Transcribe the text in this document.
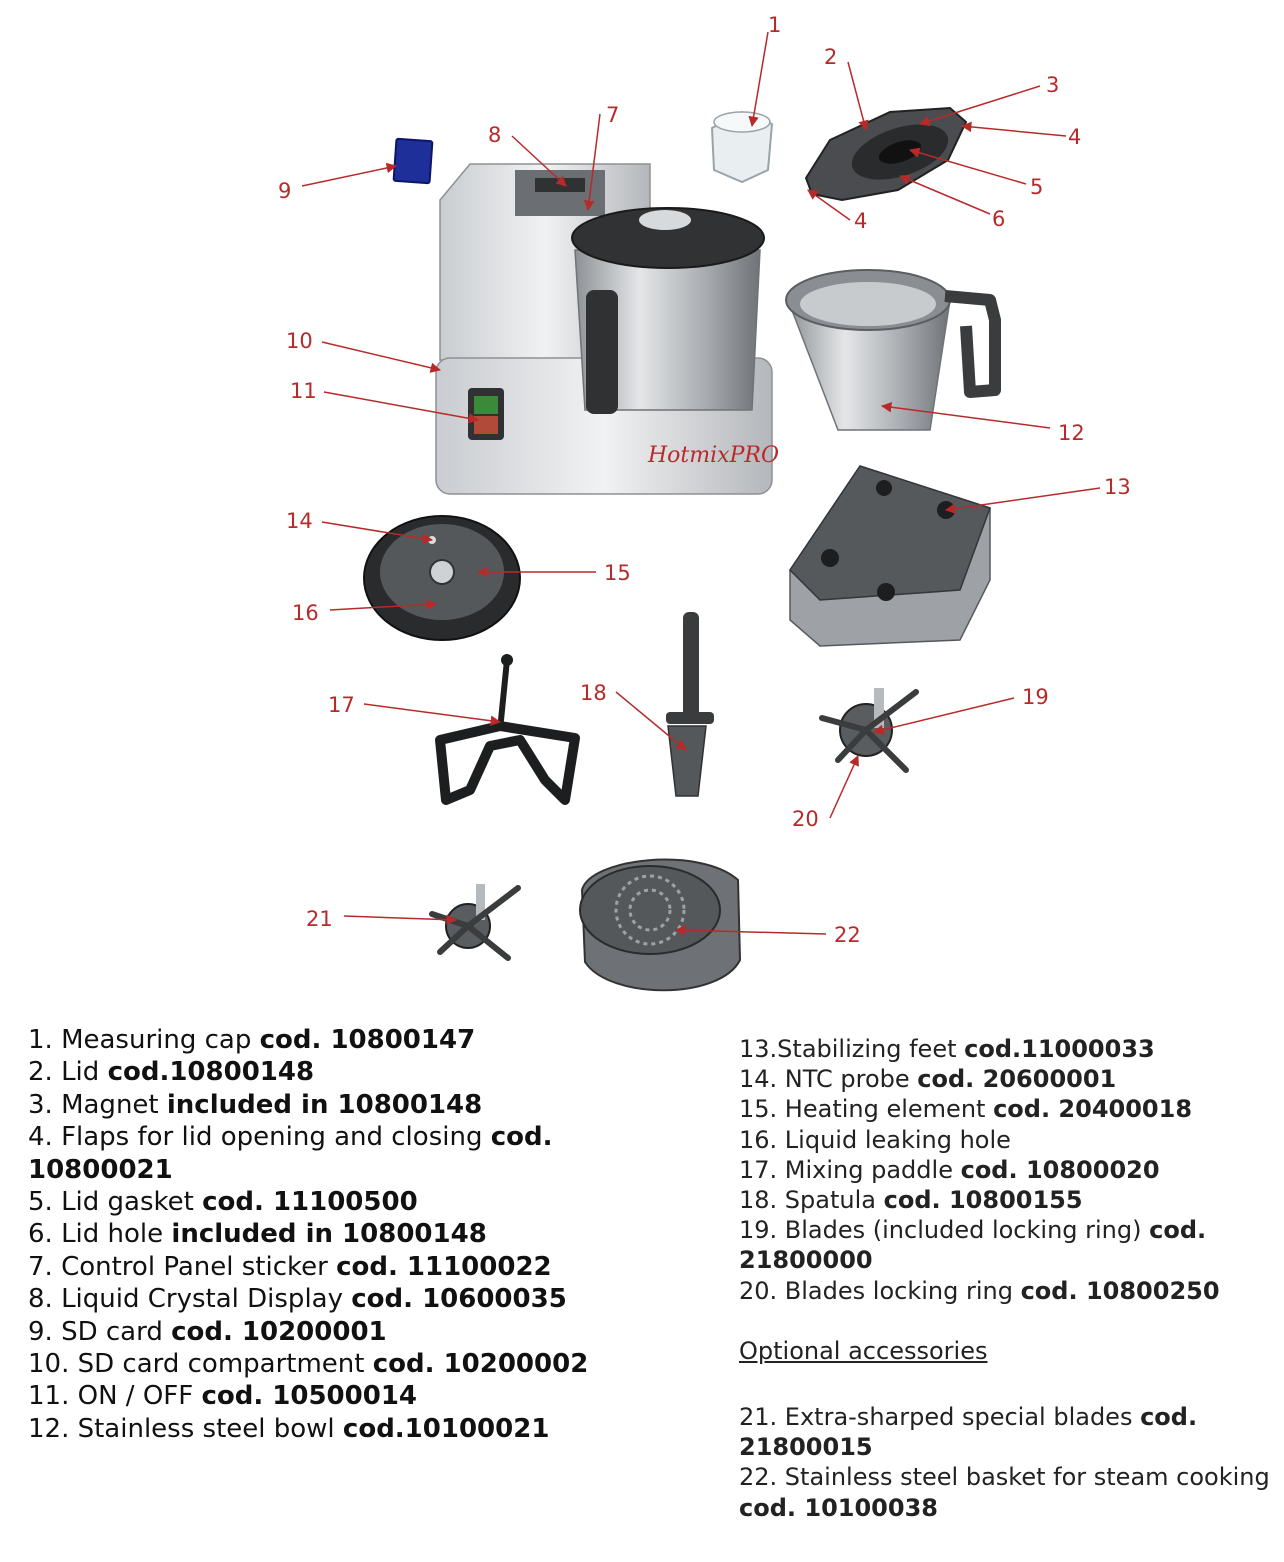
HotmixPRO
1
2
3
4
4
5
6
7
8
9
10
11
12
13
14
15
16
17	18	19
20
21
22
1. Measuring cap cod. 10800147
2. Lid cod.10800148
3. Magnet included in 10800148
4. Flaps for lid opening and closing cod.
10800021
5. Lid gasket cod. 11100500
6. Lid hole included in 10800148
7. Control Panel sticker cod. 11100022
8. Liquid Crystal Display cod. 10600035
9. SD card cod. 10200001
10. SD card compartment cod. 10200002
11. ON / OFF cod. 10500014
12. Stainless steel bowl cod.10100021
13.Stabilizing feet cod.11000033
14. NTC probe cod. 20600001
15. Heating element cod. 20400018
16. Liquid leaking hole
17. Mixing paddle cod. 10800020
18. Spatula cod. 10800155
19. Blades (included locking ring) cod.
21800000
20. Blades locking ring cod. 10800250
Optional accessories
21. Extra-sharped special blades cod.
21800015
22. Stainless steel basket for steam cooking
cod. 10100038
